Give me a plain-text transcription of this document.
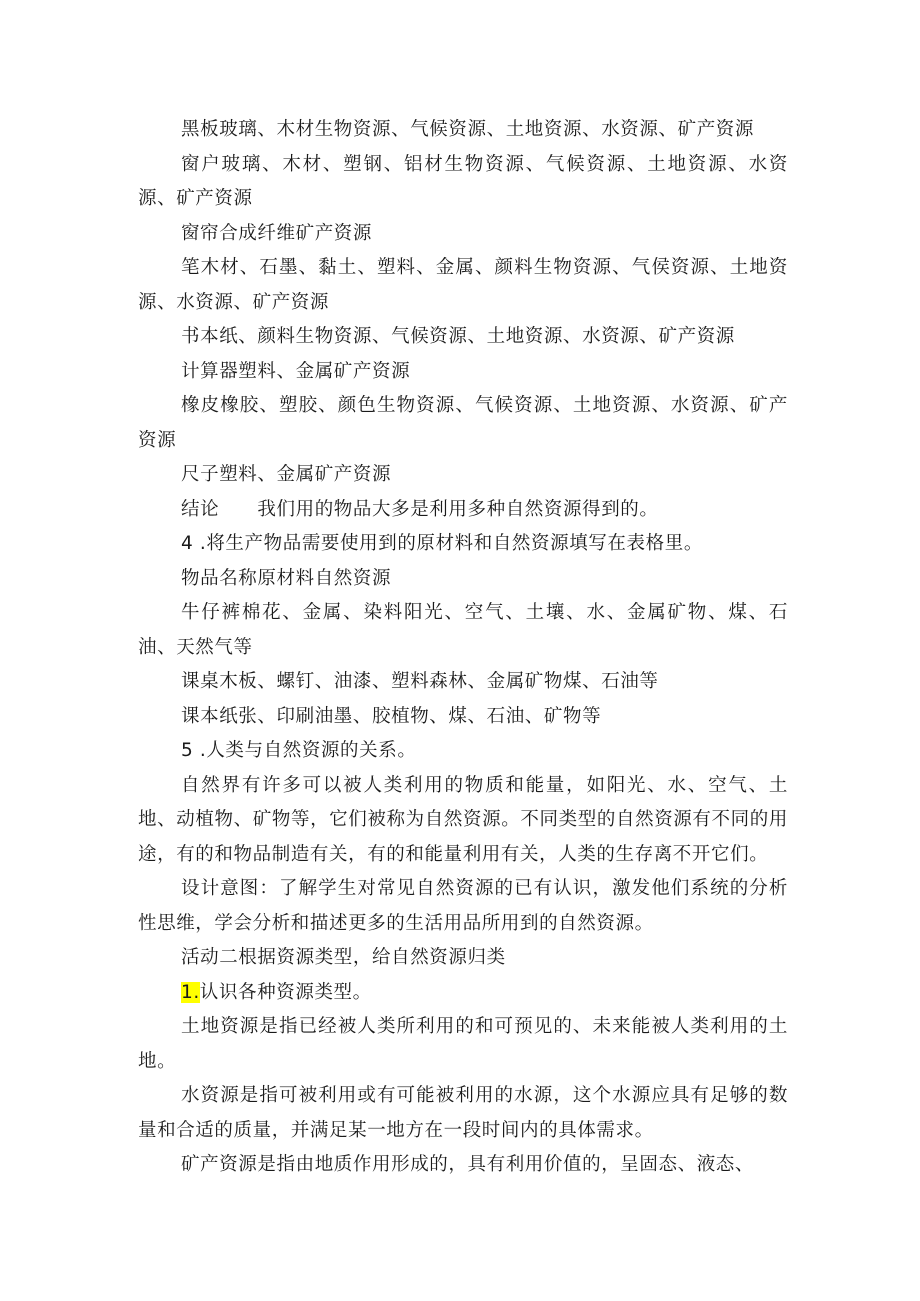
黑板玻璃、木材生物资源、气候资源、土地资源、水资源、矿产资源

窗户玻璃、木材、塑钢、铝材生物资源、气候资源、土地资源、水资源、矿产资源

窗帘合成纤维矿产资源

笔木材、石墨、黏土、塑料、金属、颜料生物资源、气侯资源、土地资源、水资源、矿产资源

书本纸、颜料生物资源、气候资源、土地资源、水资源、矿产资源

计算器塑料、金属矿产资源

橡皮橡胶、塑胶、颜色生物资源、气候资源、土地资源、水资源、矿产资源

尺子塑料、金属矿产资源

结论　　我们用的物品大多是利用多种自然资源得到的。

4 .将生产物品需要使用到的原材料和自然资源填写在表格里。

物品名称原材料自然资源

牛仔裤棉花、金属、染料阳光、空气、土壤、水、金属矿物、煤、石油、天然气等

课桌木板、螺钉、油漆、塑料森林、金属矿物煤、石油等

课本纸张、印刷油墨、胶植物、煤、石油、矿物等

5 .人类与自然资源的关系。

自然界有许多可以被人类利用的物质和能量，如阳光、水、空气、土地、动植物、矿物等，它们被称为自然资源。不同类型的自然资源有不同的用途，有的和物品制造有关，有的和能量利用有关，人类的生存离不开它们。

设计意图：了解学生对常见自然资源的已有认识，激发他们系统的分析性思维，学会分析和描述更多的生活用品所用到的自然资源。

活动二根据资源类型，给自然资源归类

1.认识各种资源类型。

土地资源是指已经被人类所利用的和可预见的、未来能被人类利用的土地。

水资源是指可被利用或有可能被利用的水源，这个水源应具有足够的数量和合适的质量，并满足某一地方在一段时间内的具体需求。

矿产资源是指由地质作用形成的，具有利用价值的，呈固态、液态、
